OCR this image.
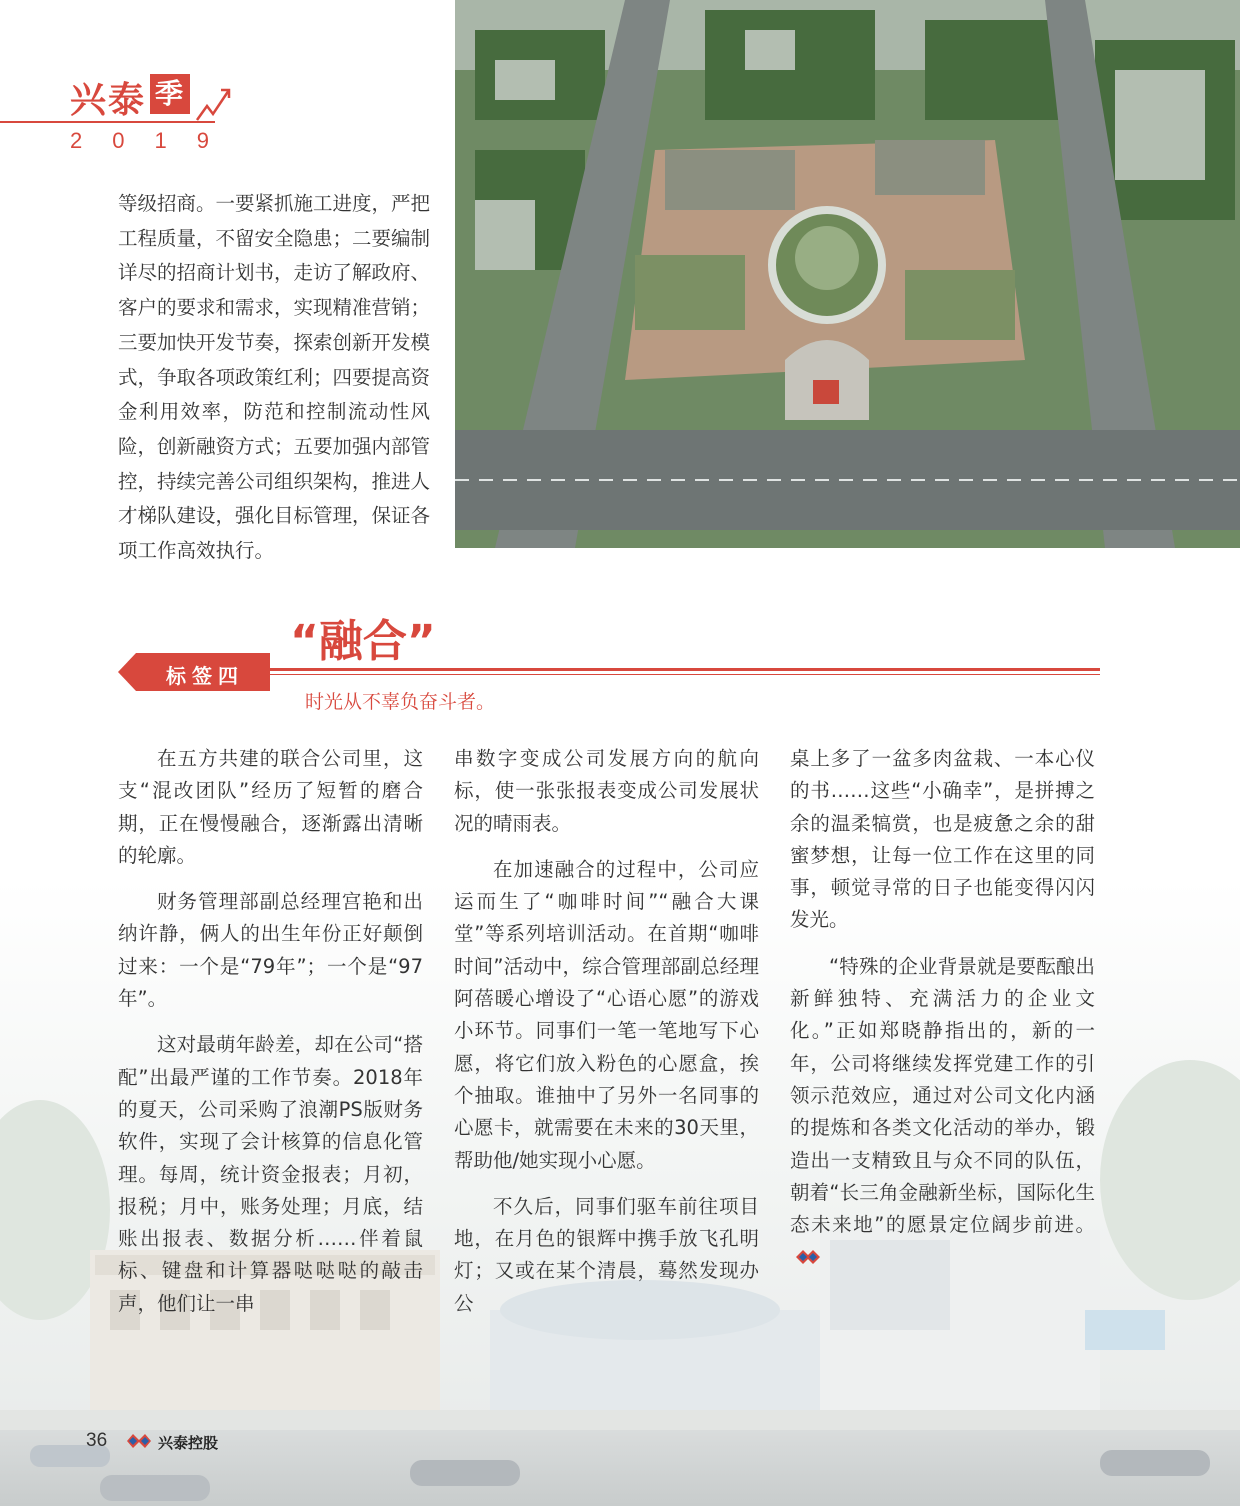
兴泰 季
2019
等级招商。一要紧抓施工进度，严把工程质量，不留安全隐患；二要编制详尽的招商计划书，走访了解政府、客户的要求和需求，实现精准营销；三要加快开发节奏，探索创新开发模式，争取各项政策红利；四要提高资金利用效率，防范和控制流动性风险，创新融资方式；五要加强内部管控，持续完善公司组织架构，推进人才梯队建设，强化目标管理，保证各项工作高效执行。
“融合”
标签四
时光从不辜负奋斗者。

在五方共建的联合公司里，这支“混改团队”经历了短暂的磨合期，正在慢慢融合，逐渐露出清晰的轮廓。

财务管理部副总经理宫艳和出纳许静，俩人的出生年份正好颠倒过来：一个是“79年”；一个是“97年”。

这对最萌年龄差，却在公司“搭配”出最严谨的工作节奏。2018年的夏天，公司采购了浪潮PS版财务软件，实现了会计核算的信息化管理。每周，统计资金报表；月初，报税；月中，账务处理；月底，结账出报表、数据分析……伴着鼠标、键盘和计算器哒哒哒的敲击声，他们让一串

串数字变成公司发展方向的航向标，使一张张报表变成公司发展状况的晴雨表。

在加速融合的过程中，公司应运而生了“咖啡时间”“融合大课堂”等系列培训活动。在首期“咖啡时间”活动中，综合管理部副总经理阿蓓暖心增设了“心语心愿”的游戏小环节。同事们一笔一笔地写下心愿，将它们放入粉色的心愿盒，挨个抽取。谁抽中了另外一名同事的心愿卡，就需要在未来的30天里，帮助他/她实现小心愿。

不久后，同事们驱车前往项目地，在月色的银辉中携手放飞孔明灯；又或在某个清晨，蓦然发现办公

桌上多了一盆多肉盆栽、一本心仪的书……这些“小确幸”，是拼搏之余的温柔犒赏，也是疲惫之余的甜蜜梦想，让每一位工作在这里的同事，顿觉寻常的日子也能变得闪闪发光。

“特殊的企业背景就是要酝酿出新鲜独特、充满活力的企业文化。”正如郑晓静指出的，新的一年，公司将继续发挥党建工作的引领示范效应，通过对公司文化内涵的提炼和各类文化活动的举办，锻造出一支精致且与众不同的队伍，朝着“长三角金融新坐标，国际化生态未来地”的愿景定位阔步前进。

36	兴泰控股
